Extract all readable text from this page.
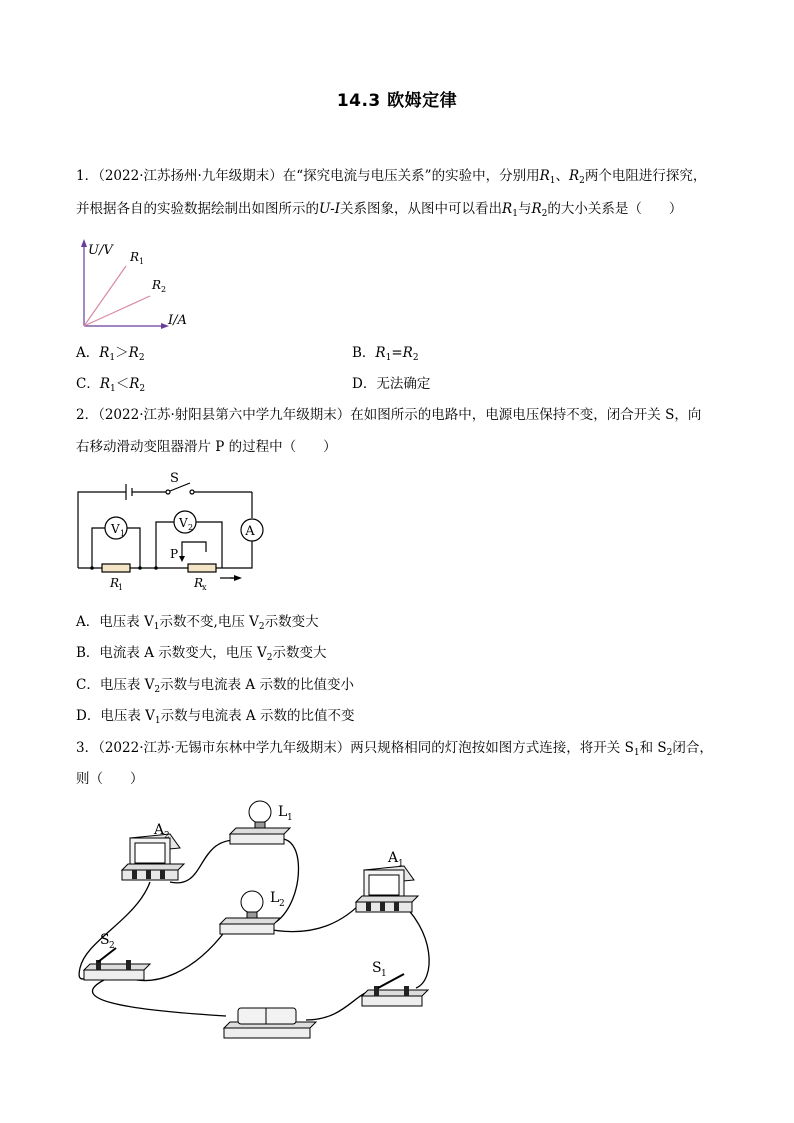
14.3 欧姆定律
1．（2022·江苏扬州·九年级期末）在“探究电流与电压关系”的实验中，分别用$R_1$、$R_2$两个电阻进行探究，
并根据各自的实验数据绘制出如图所示的U-I关系图象，从图中可以看出$R_1$与$R_2$的大小关系是（　　）
U/V
I/A
R 1
R 2
A．$R_1>R_2$	B．$R_1=R_2$
C．$R_1<R_2$	D．无法确定
2．（2022·江苏·射阳县第六中学九年级期末）在如图所示的电路中，电源电压保持不变，闭合开关 S，向
右移动滑动变阻器滑片 P 的过程中（　　）
S
A
V 1
V 2
P
R
1	R
x
A．电压表 $V_1$示数不变,电压 $V_2$示数变大
B．电流表 A 示数变大，电压 $V_2$示数变大
C．电压表 $V_2$示数与电流表 A 示数的比值变小
D．电压表 $V_1$示数与电流表 A 示数的比值不变
3．（2022·江苏·无锡市东林中学九年级期末）两只规格相同的灯泡按如图方式连接，将开关 $S_1$和 $S_2$闭合，
则（　　）
A 2
L 1
L 2
A 1
S 2
S 1
